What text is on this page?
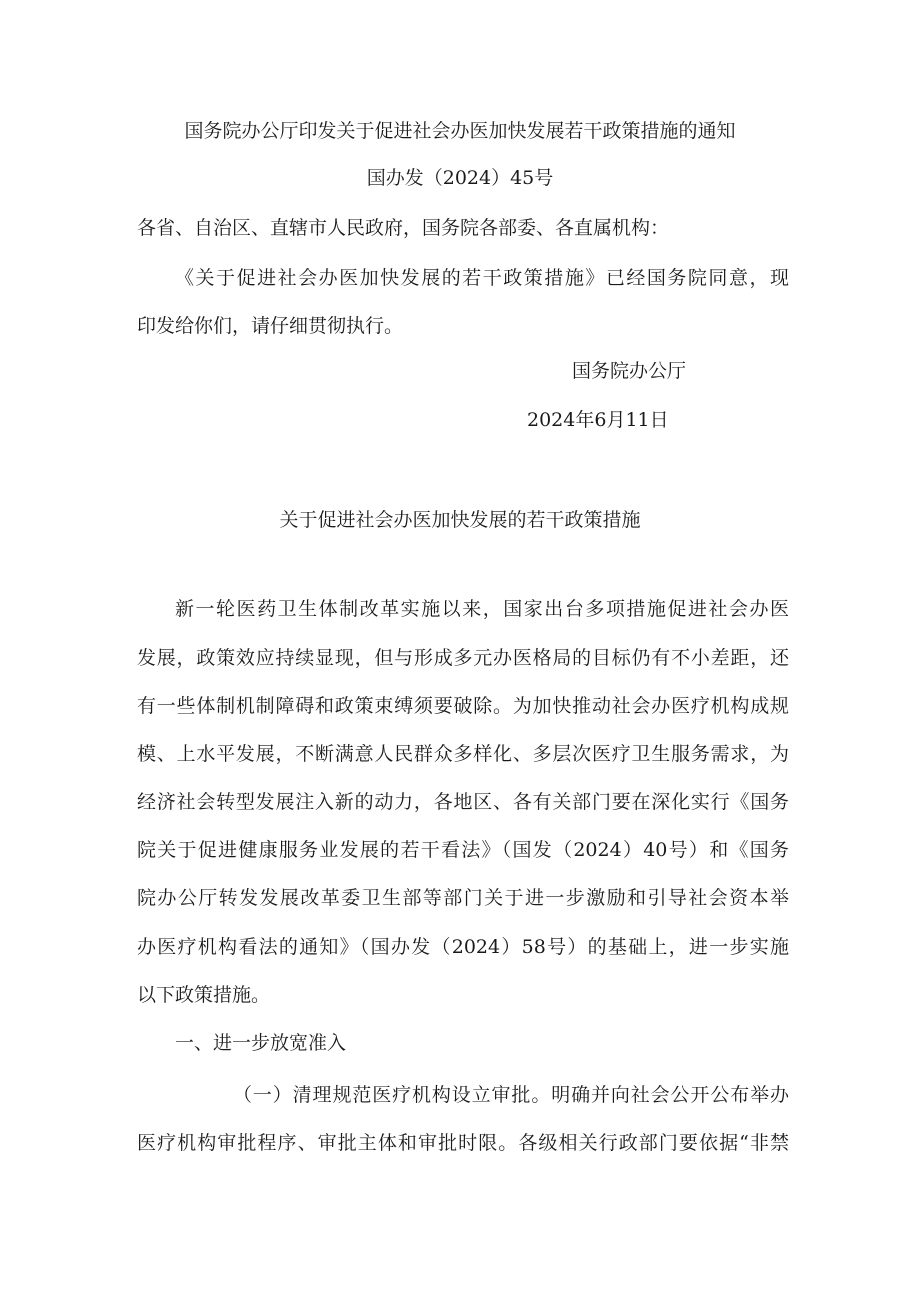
国务院办公厅印发关于促进社会办医加快发展若干政策措施的通知
国办发（2024）45号
各省、自治区、直辖市人民政府，国务院各部委、各直属机构：
《关于促进社会办医加快发展的若干政策措施》已经国务院同意，现
印发给你们，请仔细贯彻执行。
国务院办公厅
2024年6月11日
关于促进社会办医加快发展的若干政策措施
新一轮医药卫生体制改革实施以来，国家出台多项措施促进社会办医
发展，政策效应持续显现，但与形成多元办医格局的目标仍有不小差距，还
有一些体制机制障碍和政策束缚须要破除。为加快推动社会办医疗机构成规
模、上水平发展，不断满意人民群众多样化、多层次医疗卫生服务需求，为
经济社会转型发展注入新的动力，各地区、各有关部门要在深化实行《国务
院关于促进健康服务业发展的若干看法》（国发（2024）40号）和《国务
院办公厅转发发展改革委卫生部等部门关于进一步激励和引导社会资本举
办医疗机构看法的通知》（国办发（2024）58号）的基础上，进一步实施
以下政策措施。
一、进一步放宽准入
（一）清理规范医疗机构设立审批。明确并向社会公开公布举办
医疗机构审批程序、审批主体和审批时限。各级相关行政部门要依据“非禁
